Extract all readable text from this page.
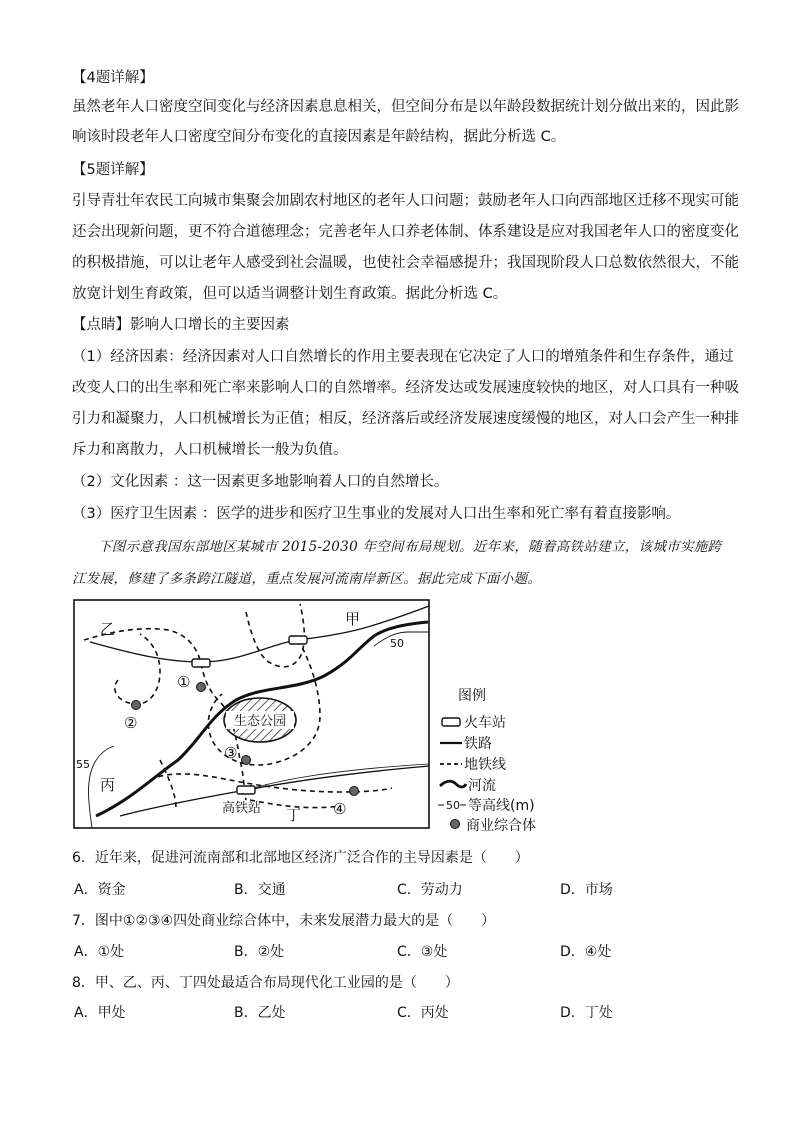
【4题详解】
虽然老年人口密度空间变化与经济因素息息相关，但空间分布是以年龄段数据统计划分做出来的，因此影
响该时段老年人口密度空间分布变化的直接因素是年龄结构，据此分析选 C。
【5题详解】
引导青壮年农民工向城市集聚会加剧农村地区的老年人口问题；鼓励老年人口向西部地区迁移不现实可能
还会出现新问题，更不符合道德理念；完善老年人口养老体制、体系建设是应对我国老年人口的密度变化
的积极措施，可以让老年人感受到社会温暖，也使社会幸福感提升；我国现阶段人口总数依然很大，不能
放宽计划生育政策，但可以适当调整计划生育政策。据此分析选 C。
【点睛】影响人口增长的主要因素
（1）经济因素：经济因素对人口自然增长的作用主要表现在它决定了人口的增殖条件和生存条件，通过
改变人口的出生率和死亡率来影响人口的自然增率。经济发达或发展速度较快的地区，对人口具有一种吸
引力和凝聚力，人口机械增长为正值；相反，经济落后或经济发展速度缓慢的地区，对人口会产生一种排
斥力和离散力，人口机械增长一般为负值。
（2）文化因素 ：这一因素更多地影响着人口的自然增长。
（3）医疗卫生因素 ：医学的进步和医疗卫生事业的发展对人口出生率和死亡率有着直接影响。
下图示意我国东部地区某城市 2015-2030 年空间布局规划。近年来，随着高铁站建立，该城市实施跨
江发展，修建了多条跨江隧道，重点发展河流南岸新区。据此完成下面小题。
生态公园
乙
甲
丙
丁
高铁站
50
55
①
②
③
④
图例
火车站
铁路
地铁线
河流
50 等高线(m)
商业综合体
6．近年来，促进河流南部和北部地区经济广泛合作的主导因素是（　　）
A．资金	B．交通	C．劳动力	D．市场
7．图中①②③④四处商业综合体中，未来发展潜力最大的是（　　）
A．①处	B．②处	C．③处	D．④处
8．甲、乙、丙、丁四处最适合布局现代化工业园的是（　　）
A．甲处	B．乙处	C．丙处	D．丁处
